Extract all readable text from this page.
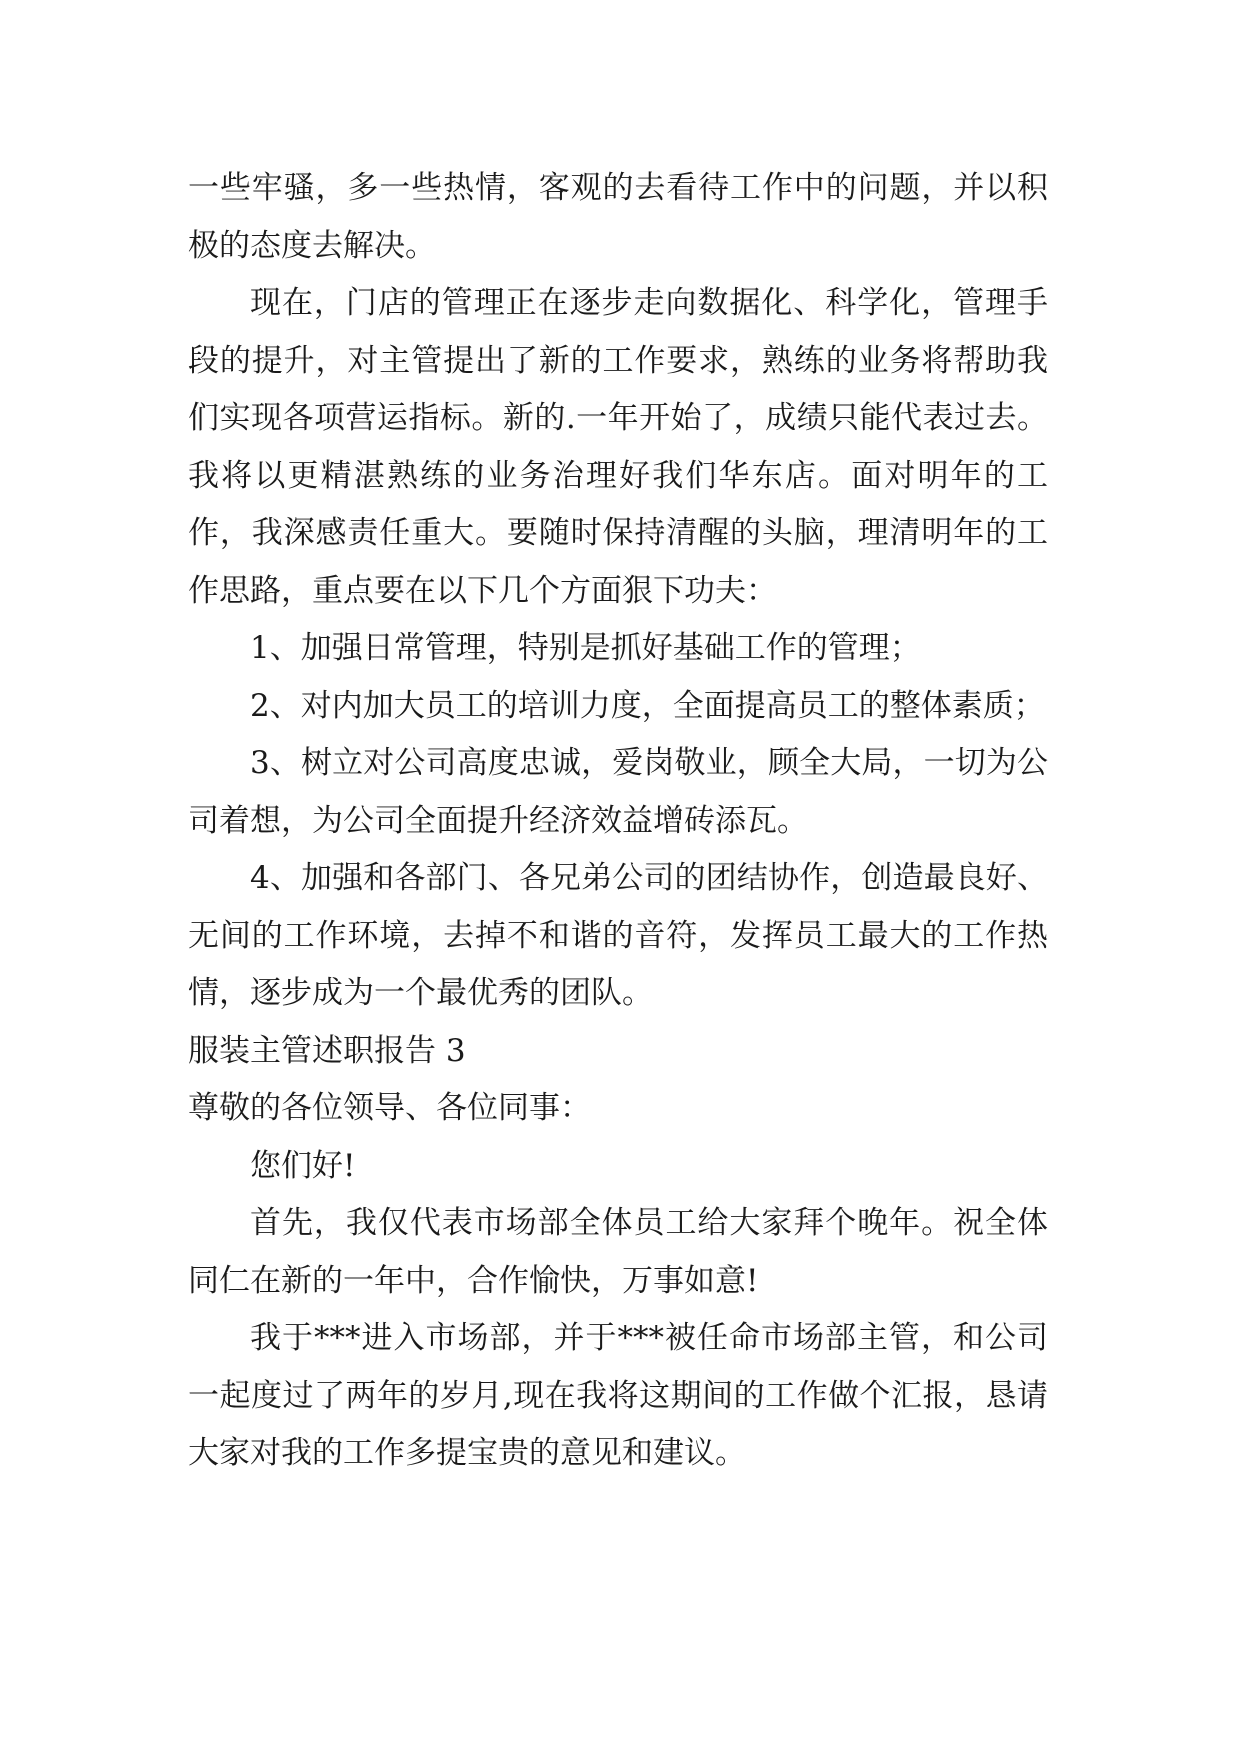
一些牢骚，多一些热情，客观的去看待工作中的问题，并以积极的态度去解决。

现在，门店的管理正在逐步走向数据化、科学化，管理手段的提升，对主管提出了新的工作要求，熟练的业务将帮助我们实现各项营运指标。新的.一年开始了，成绩只能代表过去。我将以更精湛熟练的业务治理好我们华东店。面对明年的工作，我深感责任重大。要随时保持清醒的头脑，理清明年的工作思路，重点要在以下几个方面狠下功夫：

1、加强日常管理，特别是抓好基础工作的管理；

2、对内加大员工的培训力度，全面提高员工的整体素质；

3、树立对公司高度忠诚，爱岗敬业，顾全大局，一切为公司着想，为公司全面提升经济效益增砖添瓦。

4、加强和各部门、各兄弟公司的团结协作，创造最良好、无间的工作环境，去掉不和谐的音符，发挥员工最大的工作热情，逐步成为一个最优秀的团队。

服装主管述职报告 3

尊敬的各位领导、各位同事：

您们好!

首先，我仅代表市场部全体员工给大家拜个晚年。祝全体同仁在新的一年中，合作愉快，万事如意!

我于***进入市场部，并于***被任命市场部主管，和公司一起度过了两年的岁月,现在我将这期间的工作做个汇报，恳请大家对我的工作多提宝贵的意见和建议。
